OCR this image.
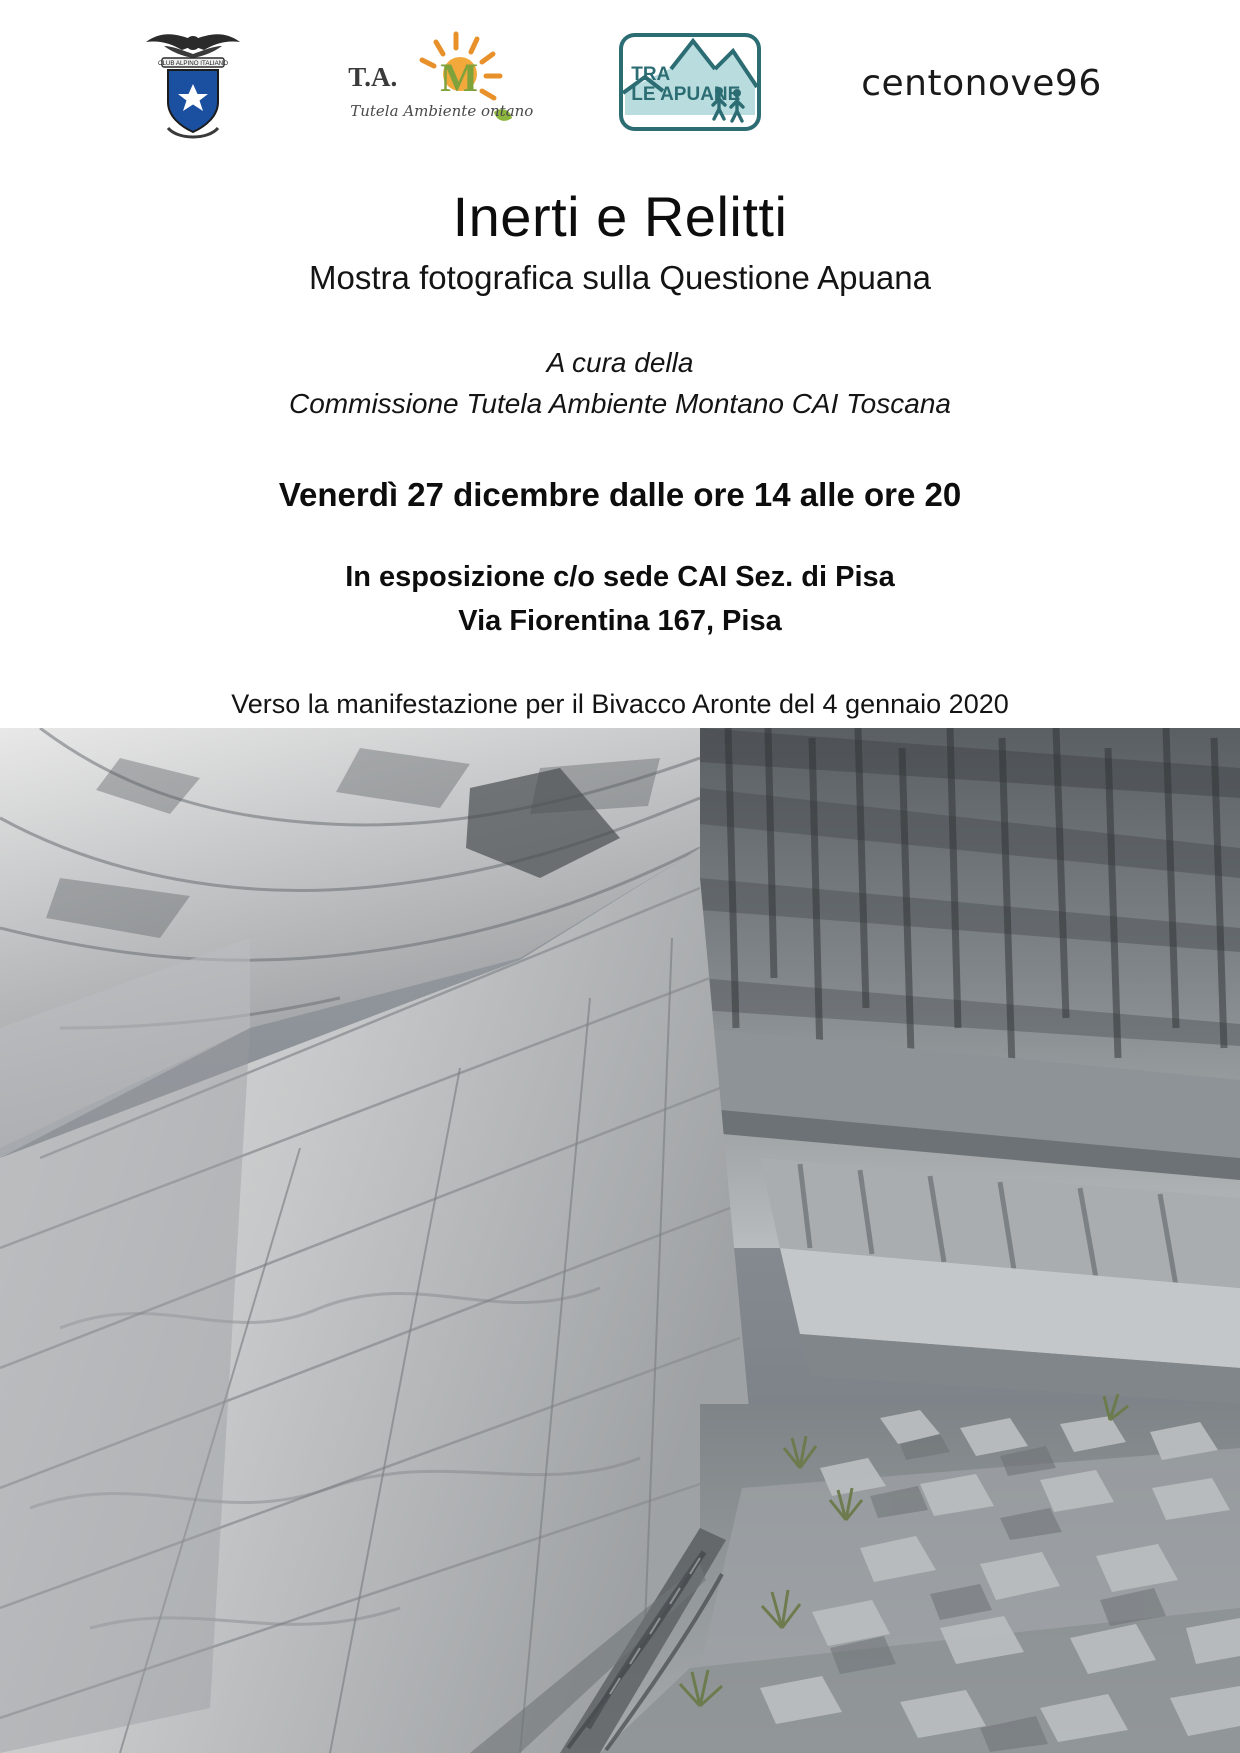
CLUB ALPINO ITALIANO	T.A. M
Tutela Ambiente ontano
TRA
LE APUANE	centonove96
Inerti e Relitti
Mostra fotografica sulla Questione Apuana
A cura della
Commissione Tutela Ambiente Montano CAI Toscana
Venerdì 27 dicembre dalle ore 14 alle ore 20
In esposizione c/o sede CAI Sez. di Pisa
Via Fiorentina 167, Pisa
Verso la manifestazione per il Bivacco Aronte del 4 gennaio 2020
